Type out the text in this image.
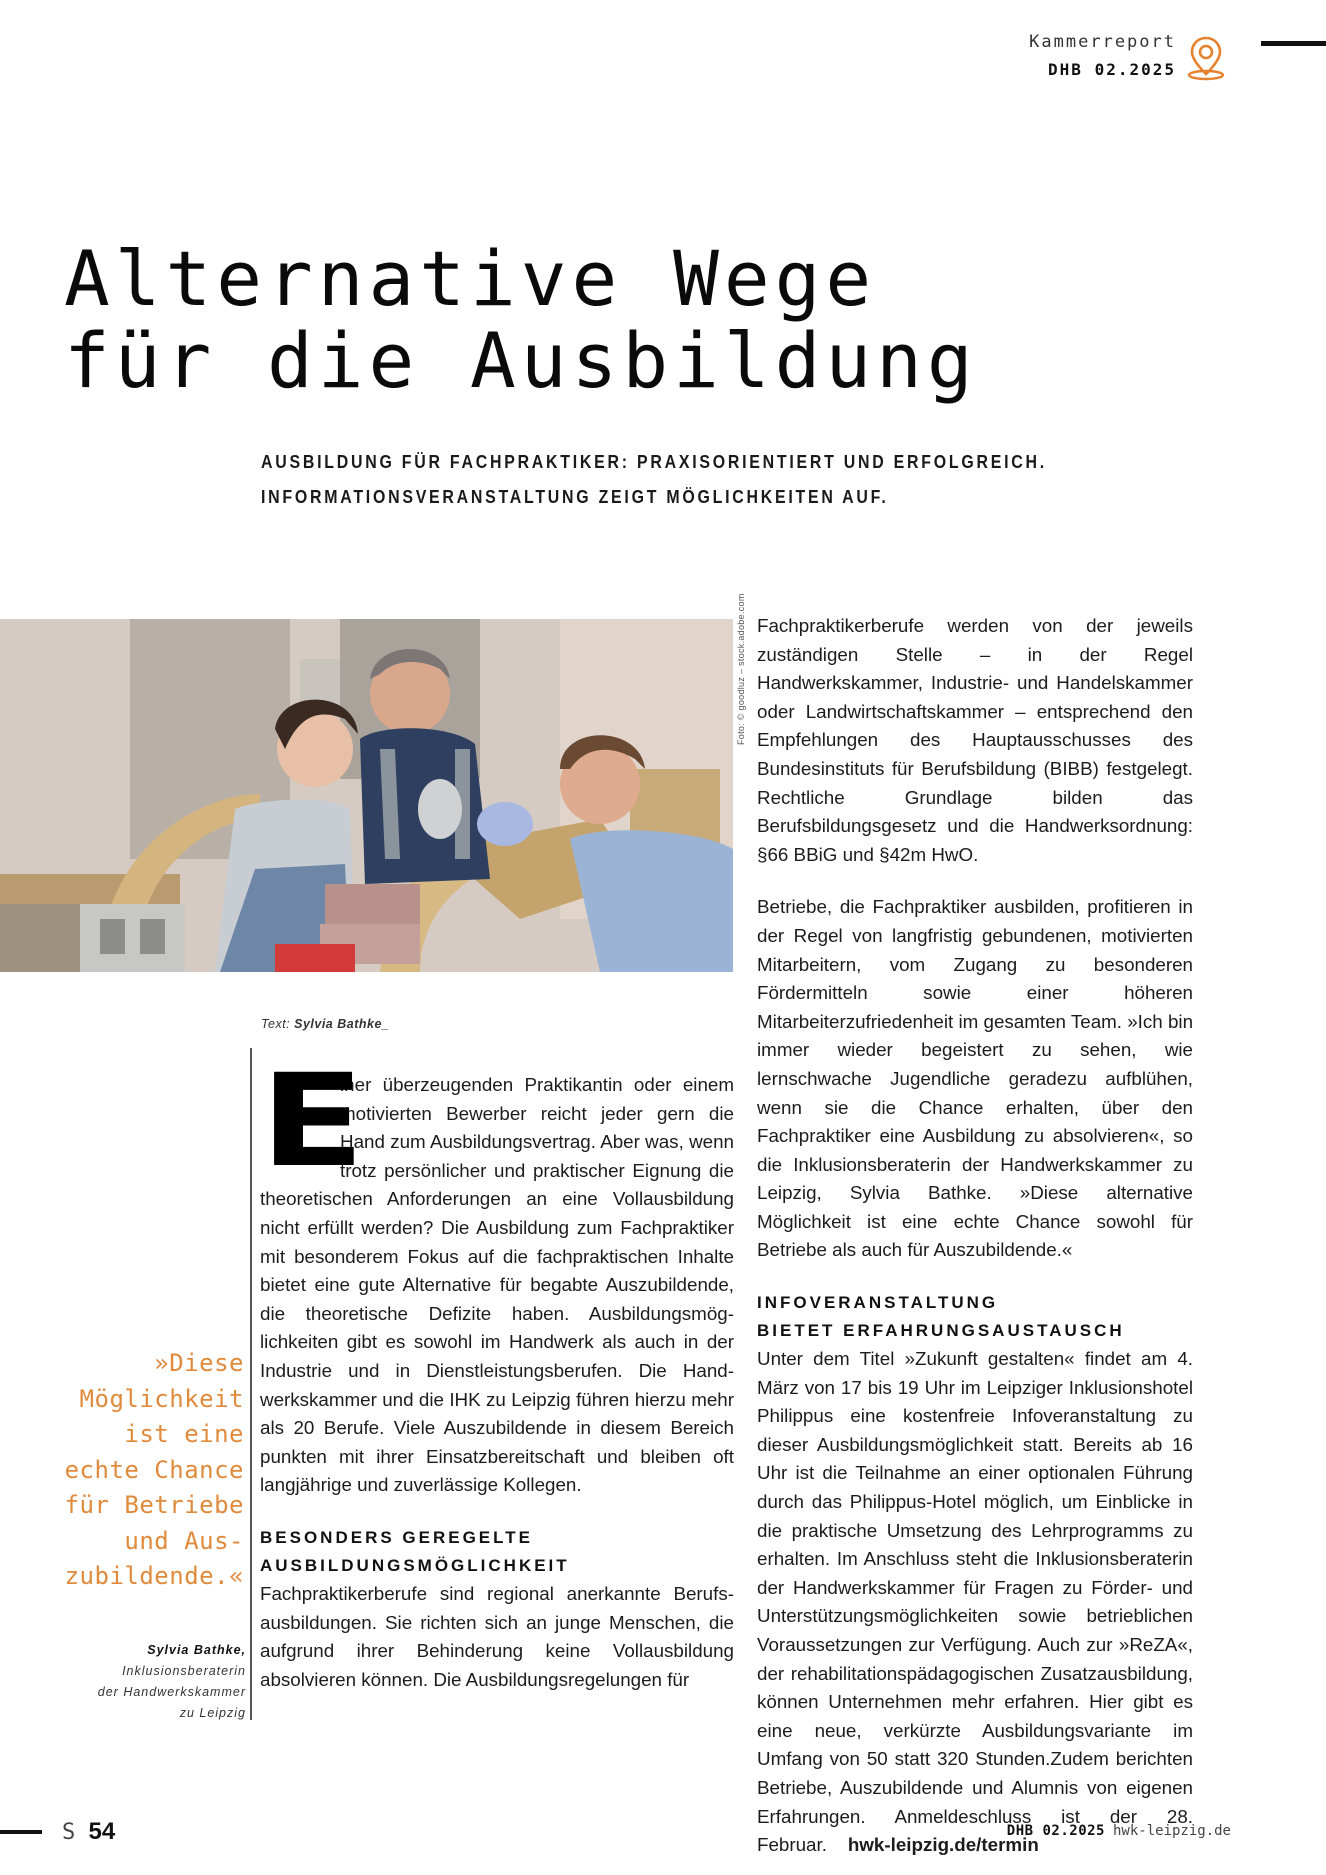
Kammerreport
DHB 02.2025
Alternative Wege
für die Ausbildung
AUSBILDUNG FÜR FACHPRAKTIKER: PRAXISORIENTIERT UND ERFOLGREICH.
INFORMATIONSVERANSTALTUNG ZEIGT MÖGLICHKEITEN AUF.
Foto: © goodluz – stock.adobe.com Fachpraktikerberufe werden von der jeweils zuständigen Stelle – in der Regel Handwerkskammer, Industrie- und Handelskammer oder Landwirtschaftskammer – entsprechend den Empfehlungen des Hauptausschusses des Bundesinstituts für Berufsbildung (BIBB) festgelegt. Rechtliche Grundlage bilden das Berufsbildungsgesetz und die Handwerksordnung: §66 BBiG und §42m HwO.

Betriebe, die Fachpraktiker ausbilden, profitieren in der Regel von langfristig gebundenen, motivierten Mitarbeitern, vom Zugang zu besonderen Fördermitteln sowie einer höheren Mitarbeiterzufriedenheit im gesamten Team. »Ich bin immer wieder begeistert zu sehen, wie lernschwache Jugendliche geradezu aufblühen, wenn sie die Chance erhalten, über den Fachpraktiker eine Ausbildung zu absolvieren«, so die Inklusionsberaterin der Handwerkskammer zu Leipzig, Sylvia Bathke. »Diese alternative Möglichkeit ist eine echte Chance sowohl für Betriebe als auch für Auszubildende.«

INFOVERANSTALTUNG
BIETET ERFAHRUNGSAUSTAUSCH

Unter dem Titel »Zukunft gestalten« findet am 4. März von 17 bis 19 Uhr im Leipziger Inklusionshotel Philippus eine kostenfreie Infoveranstaltung zu dieser Ausbildungsmöglichkeit statt. Bereits ab 16 Uhr ist die Teilnahme an einer optionalen Führung durch das Philippus-Hotel möglich, um Einblicke in die praktische Umsetzung des Lehrprogramms zu erhalten. Im Anschluss steht die Inklusionsberaterin der Handwerkskammer für Fragen zu Förder- und Unterstützungsmöglichkeiten sowie betrieblichen Voraussetzungen zur Verfügung. Auch zur »ReZA«, der rehabilitationspädagogischen Zusatzausbildung, können Unternehmen mehr erfahren. Hier gibt es eine neue, verkürzte Ausbildungsvariante im Umfang von 50 statt 320 Stunden.Zudem berichten Betriebe, Auszubildende und Alumnis von eigenen Erfahrungen. Anmeldeschluss ist der 28. Februar. hwk-leipzig.de/termin

Text: Sylvia Bathke_

E
iner überzeugenden Praktikantin oder einem motivierten Bewerber reicht jeder gern die Hand zum Ausbildungsvertrag. Aber was, wenn trotz persönlicher und praktischer Eignung die theoretischen Anforderungen an eine Vollausbildung nicht erfüllt werden? Die Ausbildung zum Fachpraktiker mit besonderem Fokus auf die fachpraktischen Inhalte bietet eine gute Alternative für begabte Auszubildende, die theoretische Defizite haben. Ausbildungsmöglichkeiten gibt es sowohl im Handwerk als auch in der Industrie und in Dienstleistungsberufen. Die Handwerkskammer und die IHK zu Leipzig führen hierzu mehr als 20 Berufe. Viele Auszubildende in diesem Bereich punkten mit ihrer Einsatzbereitschaft und bleiben oft langjährige und zuverlässige Kollegen.

BESONDERS GEREGELTE
AUSBILDUNGSMÖGLICHKEIT

Fachpraktikerberufe sind regional anerkannte Berufsausbildungen. Sie richten sich an junge Menschen, die aufgrund ihrer Behinderung keine Vollausbildung absolvieren können. Die Ausbildungsregelungen für

»Diese Möglichkeit ist eine echte Chance für Betriebe und Aus-zubildende.«
Sylvia Bathke,
Inklusionsberaterin
der Handwerkskammer
zu Leipzig
S 54	DHB 02.2025 hwk-leipzig.de
